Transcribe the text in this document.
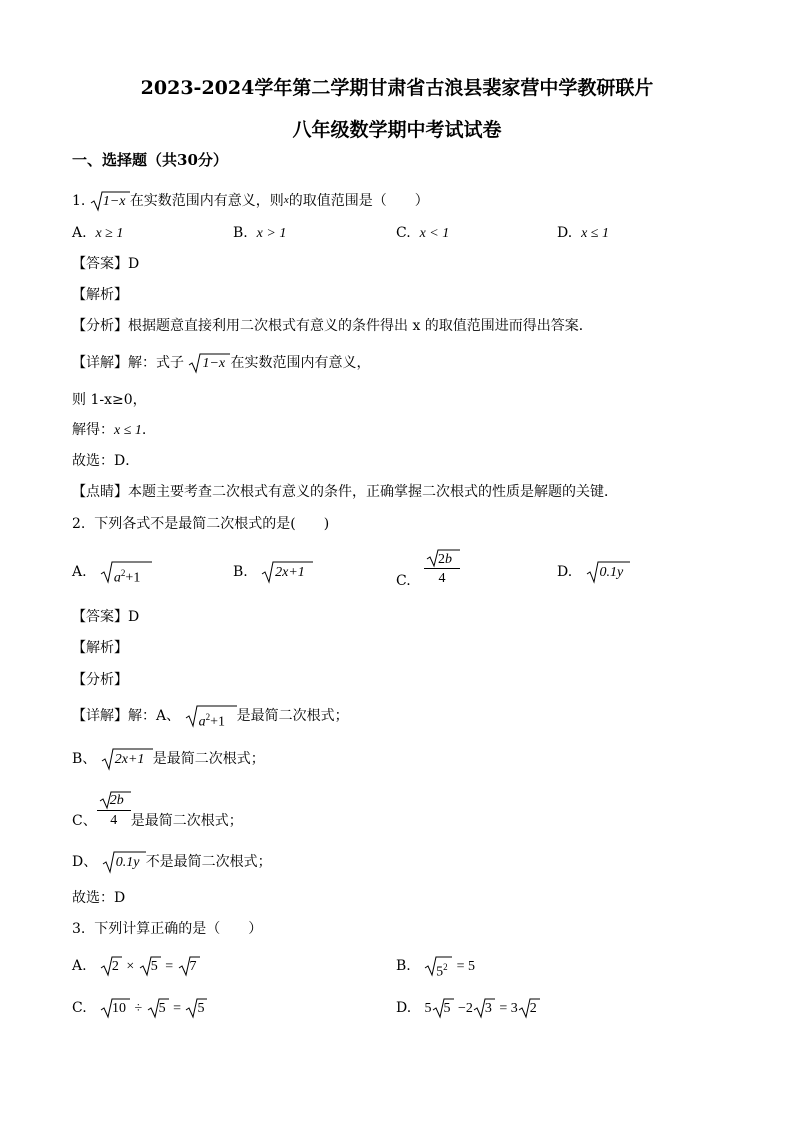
2023-2024学年第二学期甘肃省古浪县裴家营中学教研联片
八年级数学期中考试试卷
一、选择题（共30分）
1. 1−x 在实数范围内有意义，则$^x$的取值范围是（　　）
A. x ≥ 1	B. x > 1	C. x < 1	D. x ≤ 1
【答案】D
【解析】
【分析】根据题意直接利用二次根式有意义的条件得出 x 的取值范围进而得出答案．
【详解】解：式子 1−x 在实数范围内有意义，
则 1-x≥0，
解得：x ≤ 1.
故选：D．
【点睛】本题主要考查二次根式有意义的条件，正确掌握二次根式的性质是解题的关键．
2. 下列各式不是最简二次根式的是(　　)
A. $a^2+1$	B. 2x+1	C. $\frac{2b}{4}$	D. 0.1y
【答案】D
【解析】
【分析】
【详解】解：A、 $a^2+1$ 是最简二次根式；
B、 2x+1 是最简二次根式；
C、 $\frac{2b}{4}$ 是最简二次根式；
D、 0.1y 不是最简二次根式；
故选：D
3. 下列计算正确的是（　　）
A. 2 × 5 = 7	B. $5^2 = 5$
C. 10 ÷ 5 = 5	D. 5 5 −2 3 = 3 2
